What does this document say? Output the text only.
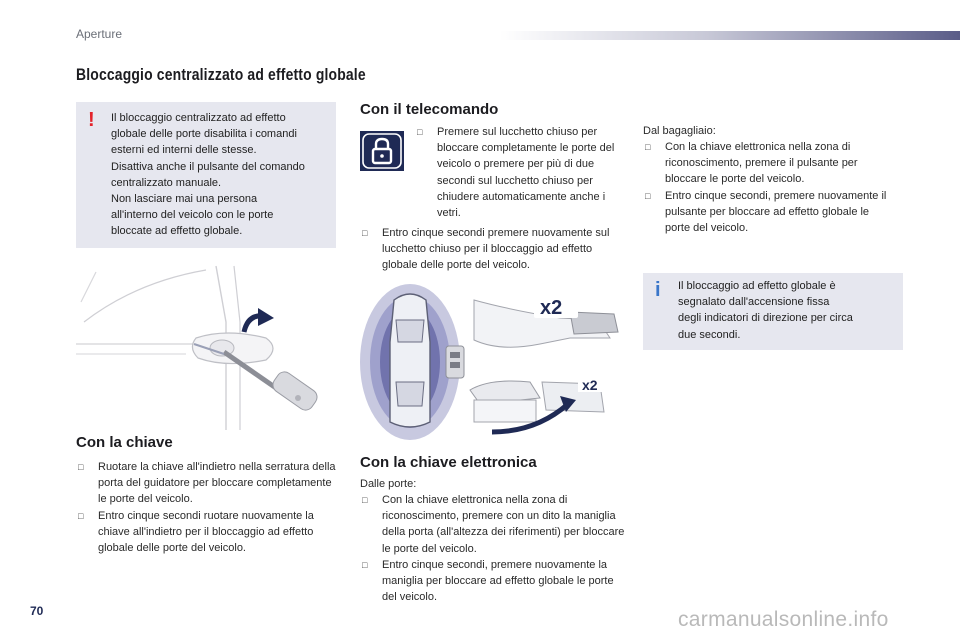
Aperture
Bloccaggio centralizzato ad effetto globale

Il bloccaggio centralizzato ad effetto

globale delle porte disabilita i comandi

esterni ed interni delle stesse.

Disattiva anche il pulsante del comando

centralizzato manuale.

Non lasciare mai una persona

all'interno del veicolo con le porte

bloccate ad effetto globale.

!
Con la chiave
□ Ruotare la chiave all'indietro nella serratura della porta del guidatore per bloccare completamente le porte del veicolo.
□ Entro cinque secondi ruotare nuovamente la chiave all'indietro per il bloccaggio ad effetto globale delle porte del veicolo.
Con il telecomando
□ Premere sul lucchetto chiuso per bloccare completamente le porte del veicolo o premere per più di due secondi sul lucchetto chiuso per chiudere automaticamente anche i vetri.
□ Entro cinque secondi premere nuovamente sul lucchetto chiuso per il bloccaggio ad effetto globale delle porte del veicolo.
x2
x2
Con la chiave elettronica
Dalle porte:
□ Con la chiave elettronica nella zona di riconoscimento, premere con un dito la maniglia della porta (all'altezza dei riferimenti) per bloccare le porte del veicolo.
□ Entro cinque secondi, premere nuovamente la maniglia per bloccare ad effetto globale le porte del veicolo.
Dal bagagliaio:
□ Con la chiave elettronica nella zona di riconoscimento, premere il pulsante per bloccare le porte del veicolo.
□ Entro cinque secondi, premere nuovamente il pulsante per bloccare ad effetto globale le porte del veicolo.

Il bloccaggio ad effetto globale è

segnalato dall'accensione fissa

degli indicatori di direzione per circa

due secondi.

i
70	carmanualsonline.info
